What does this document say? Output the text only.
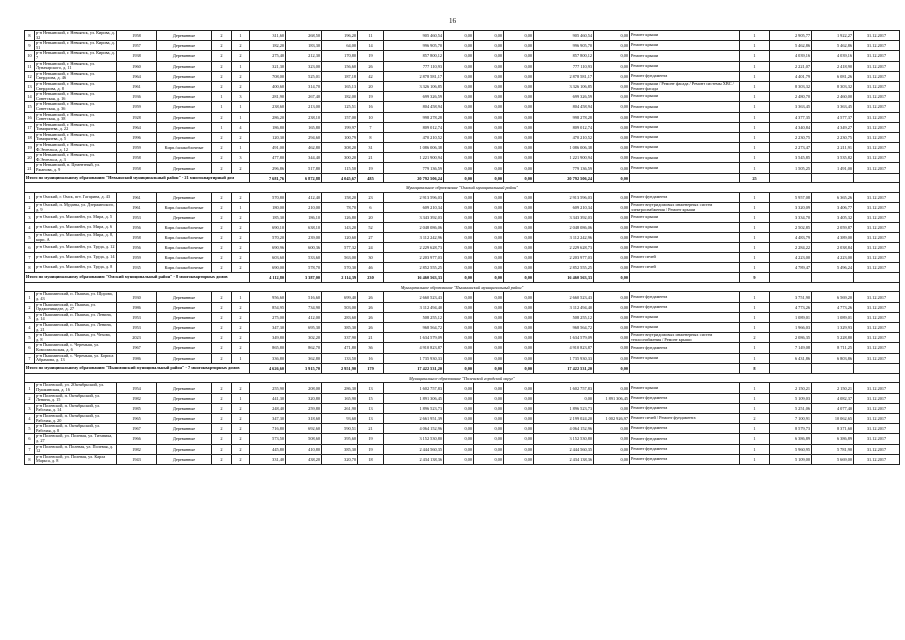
16
8	р-н Невьянский, г. Невьянск, ул. Кирова, д. 32	1958	Деревянные	2	1	311,60	268,50	196,20	11	905 460,54	0,00	0,00	0,00	905 460,54	0,00	Ремонт крыши	1	2 905,77	1 922,27	31.12.2017
9	р-н Невьянский, г. Невьянск, ул. Кирова, д. 51	1957	Деревянные	2	2	182,20	183,30	64,00	14	996 905,70	0,00	0,00	0,00	996 905,70	0,00	Ремонт крыши	1	5 462,86	5 462,86	31.12.2017
10	р-н Невьянский, г. Невьянск, ул. Кирова, д. 7	1938	Деревянные	2	2	275,40	212,30	170,80	19	857 800,12	0,00	0,00	0,00	857 800,12	0,00	Ремонт крыши	1	4 039,16	4 039,16	31.12.2017
11	р-н Невьянский, г. Невьянск, ул. Луначарского, д. 11	1960	Деревянные	2	1	321,30	323,00	156,60	26	777 110,93	0,00	0,00	0,00	777 110,93	0,00	Ремонт крыши	1	2 221,07	2 418,90	31.12.2017
12	р-н Невьянский, г. Невьянск, ул. Свердлова, д. 46	1964	Деревянные	2	2	708,00	525,01	187,18	42	2 878 581,17	0,00	0,00	0,00	2 878 581,17	0,00	Ремонт фундамента	1	4 401,79	6 081,26	31.12.2017
13	р-н Невьянский, г. Невьянск, ул. Свердлова, д. 8	1961	Деревянные	2	2	400,60	314,70	165,13	20	3 326 106,85	0,00	0,00	0,00	3 326 106,85	0,00	Ремонт крыши / Ремонт фасада / Ремонт системы ХВС / Ремонт фасада	1	8 303,32	8 303,32	31.12.2017
14	р-н Невьянский, г. Невьянск, ул. Советская, д. 16	1936	Деревянные	1	3	281,90	267,40	182,00	19	699 326,59	0,00	0,00	0,00	699 326,59	0,00	Ремонт крыши	1	2 480,70	2 460,00	31.12.2017
15	р-н Невьянский, г. Невьянск, ул. Советская, д. 36	1959	Деревянные	1	1	238,60	213,00	125,51	16	804 458,94	0,00	0,00	0,00	804 458,94	0,00	Ремонт крыши	1	3 363,45	3 363,45	31.12.2017
16	р-н Невьянский, г. Невьянск, ул. Советская, д. 38	1928	Деревянные	2	1	286,20	238,10	157,00	10	998 278,28	0,00	0,00	0,00	998 278,28	0,00	Ремонт крыши	1	4 377,35	4 577,37	31.12.2017
17	р-н Невьянский, г. Невьянск, ул. Тимирязева, д. 22	1964	Деревянные	1	4	186,80	165,80	199,97	7	809 012,74	0,00	0,00	0,00	809 012,74	0,00	Ремонт крыши	1	4 340,84	4 349,27	31.12.2017
18	р-н Невьянский, г. Невьянск, ул. Тимирязева, д. 5	1996	Деревянные	2	2	120,30	294,60	100,79	8	470 210,52	0,00	0,00	0,00	470 210,52	0,00	Ремонт крыши	1	2 230,75	2 230,75	31.12.2017
19	р-н Невьянский, г. Невьянск, ул. Ф.Энгельса, д. 12	1959	Кирп./шлакоблочные	2	1	491,00	462,80	308,20	31	1 086 006,38	0,00	0,00	0,00	1 086 006,38	0,00	Ремонт крыши	1	2 273,47	2 211,91	31.12.2017
20	р-н Невьянский, г. Невьянск, ул. Ф.Энгельса, д. 3	1958	Деревянные	2	3	477,80	344,40	300,20	21	1 221 900,94	0,00	0,00	0,00	1 221 900,94	0,00	Ремонт крыши	1	3 545,85	3 535,82	31.12.2017
21	р-н Невьянский, п. Цементный, ул. Ржанова, д. 9	1958	Деревянные	2	2	296,86	517,80	115,50	19	779 136,59	0,00	0,00	0,00	779 136,59	0,00	Ремонт крыши	1	1 505,25	1 491,00	31.12.2017
Итого по муниципальному образованию "Невьянский муниципальный район" - 21 многоквартирный дом						7 681,76	6 872,88	4 045,67	485	20 792 506,24	0,00	0,00	0,00	20 792 506,24	0,00		25			
Муниципальное образование "Омский муниципальный район"																				
1	р-н Омский, г. Омск, пгт. Гагарина, д. 43	1961	Деревянные	2	2	570,80	412,40	158,20	23	2 913 596,03	0,00	0,00	0,00	2 913 596,03	0,00	Ремонт фундамента	1	5 957,08	6 365,26	31.12.2017
2	р-н Омский, п. Муданы, ул. Дзержинского, д. 9	1961	Кирп./шлакоблочные	2	1	180,00	210,00	78,70	6	609 210,34	0,00	0,00	0,00	609 210,34	0,00	Ремонт внутридомовых инженерных систем электроснабжения / Ремонт крыши	1	3 320,09	3 406,77	31.12.2017
3	р-н Омский, ул. Мясомейн, ул. Мира, д. 5	1953	Деревянные	2	2	185,30	186,10	126,80	20	3 343 392,03	0,00	0,00	0,00	3 343 392,03	0,00	Ремонт крыши	1	3 334,70	3 405,32	31.12.2017
4	р-н Омский, ул. Мясомейн, ул. Мира, д. 6	1956	Кирп./шлакоблочные	2	2	690,10	638,10	143,20	52	2 048 086,06	0,00	0,00	0,00	2 048 086,06	0,00	Ремонт крыши	1	2 502,85	2 059,87	31.12.2017
5	р-н Омский, ул. Мясомейн, ул. Мира, д. 8, корп. А	1958	Кирп./шлакоблочные	2	2	570,20	239,00	120,60	27	3 112 242,96	0,00	0,00	0,00	3 112 242,96	0,00	Ремонт крыши	1	4 483,79	4 389,00	31.12.2017
6	р-н Омский, ул. Мясомейн, ул. Труда, д. 12	1956	Кирп./шлакоблочные	2	2	690,96	600,36	577,32	24	2 229 628,73	0,00	0,00	0,00	2 229 628,73	0,00	Ремонт крыши	1	2 284,22	2 038,84	31.12.2017
7	р-н Омский, ул. Мясомейн, ул. Труда, д. 14	1959	Кирп./шлакоблочные	2	2	603,60	533,60	563,00	30	2 203 977,03	0,00	0,00	0,00	2 203 977,03	0,00	Ремонт печей	1	4 223,00	4 223,00	31.12.2017
8	р-н Омский, ул. Мясомейн, ул. Труда, д. 8	1935	Кирп./шлакоблочные	2	2	690,00	578,70	570,30	46	2 852 555,25	0,00	0,00	0,00	2 852 555,25	0,00	Ремонт печей	1	4 789,47	5 496,24	31.12.2017
Итого по муниципальному образованию "Омский муниципальный район" - 8 многоквартирных домов						4 112,80	3 387,00	2 114,39	230	16 460 563,33	0,00	0,00	0,00	16 460 563,33	0,00		9			
Муниципальное образование "Пышминский муниципальный район"																				
1	р-н Пышминский, п. Пышма, ул. Щорова, д. 43	1930	Деревянные	2	1	956,60	516,60	699,40	26	2 660 523,43	0,00	0,00	0,00	2 660 523,43	0,00	Ремонт фундамента	1	3 751,90	6 569,20	31.12.2017
2	р-н Пышминский, п. Пышма, ул. Орджоникидзе, д. 27	1986	Деревянные	2	2	854,95	734,90	503,00	26	3 112 494,40	0,00	0,00	0,00	3 112 494,40	0,00	Ремонт фундамента	1	4 773,26	4 773,26	31.12.2017
3	р-н Пышминский, п. Пышма, ул. Ленина, д. 14	1953	Деревянные	2	2	275,00	412,00	283,60	26	508 255,12	0,00	0,00	0,00	508 255,12	0,00	Ремонт крыши	1	1 089,01	1 089,01	31.12.2017
4	р-н Пышминский, п. Пышма, ул. Ленина, д. 21	1953	Деревянные	2	2	347,30	695,30	385,30	26	968 564,72	0,00	0,00	0,00	968 564,72	0,00	Ремонт крыши	1	1 966,03	1 329,93	31.12.2017
5	р-н Пышминский, п. Пышма, ул. Чехова, д. 8	2023	Деревянные	2	2	349,80	302,20	337,90	21	1 634 579,09	0,00	0,00	0,00	1 634 579,09	0,00	Ремонт внутридомовых инженерных систем теплоснабжения / Ремонт крыши	2	2 086,35	5 228,80	31.12.2017
6	р-н Пышминский, с. Черемыш, ул. Комсомольская, д. 6	1967	Деревянные	2	2	865,80	862,70	471,80	36	4 910 823,87	0,00	0,00	0,00	4 910 823,87	0,00	Ремонт фундамента	1	7 149,08	8 711,25	31.12.2017
7	р-н Пышминский, с. Черемыш, ул. Бориса Абрамова, д. 13	1986	Деревянные	2	1	336,80	362,80	133,50	16	1 735 930,33	0,00	0,00	0,00	1 735 930,33	0,00	Ремонт крыши	1	6 431,86	6 803,86	31.12.2017
Итого по муниципальному образованию "Пышминский муниципальный район" - 7 многоквартирных домов						4 626,60	3 915,70	2 951,90	179	17 422 531,20	0,00	0,00	0,00	17 422 531,20	0,00		8			
Муниципальное образование "Полевской городской округ"																				
1	р-н Полевской, ул. 2Октябрьский, ул. Пушкинская, д. 16	1954	Деревянные	2	2	255,90	208,00	286,30	13	1 602 757,83	0,00	0,00	0,00	1 602 757,83	0,00	Ремонт крыши	1	2 150,21	2 150,21	31.12.2017
2	р-н Полевской, п. Октябрьский, ул. Ленина, д. 15	1982	Деревянные	2	1	441,30	320,80	165,90	15	1 891 306,45	0,00	0,00	0,00	0,00	1 891 306,45	Ремонт фундамента	1	5 109,03	4 082,37	31.12.2017
3	р-н Полевской, п. Октябрьский, ул. Рабочая, д. 14	1985	Деревянные	2	2	248,40	259,80	261,90	13	1 896 523,73	0,00	0,00	0,00	1 896 523,73	0,00	Ремонт фундамента	1	5 251,06	4 077,40	31.12.2017
4	р-н Полевской, п. Октябрьский, ул. Рабочая, д. 20	1965	Деревянные	2	2	347,30	318,60	93,60	13	2 661 951,39	0,00	0,00	0,00	2 199 024,20	1 002 926,97	Ремонт печей / Ремонт фундамента	2	7 100,91	10 062,65	31.12.2017
5	р-н Полевской, п. Октябрьский, ул. Рабочая, д. 8	1967	Деревянные	2	2	716,80	692,60	590,51	21	4 064 152,96	0,00	0,00	0,00	4 064 152,96	0,00	Ремонт фундамента	1	8 579,73	8 371,60	31.12.2017
6	р-н Полевской, ул. Полевая, ул. Титавика, д. 27	1966	Деревянные	2	2	573,50	508,60	395,60	19	3 152 530,80	0,00	0,00	0,00	3 152 530,80	0,00	Ремонт фундамента	1	6 386,89	6 386,89	31.12.2017
7	р-н Полевской, п. Полевая, ул. Полевая, д. 12	1982	Деревянные	2	2	445,80	410,80	385,30	19	2 444 560,35	0,00	0,00	0,00	2 444 560,35	0,00	Ремонт фундамента	1	5 960,95	5 781,90	31.12.2017
8	р-н Полевской, ул. Полевая, ул. Карла Маркса, д. 8	1943	Деревянные	2	2	331,40	438,20	320,70	18	2 434 138,36	0,00	0,00	0,00	2 434 138,36	0,00	Ремонт фундамента	1	5 109,00	5 669,00	31.12.2017
